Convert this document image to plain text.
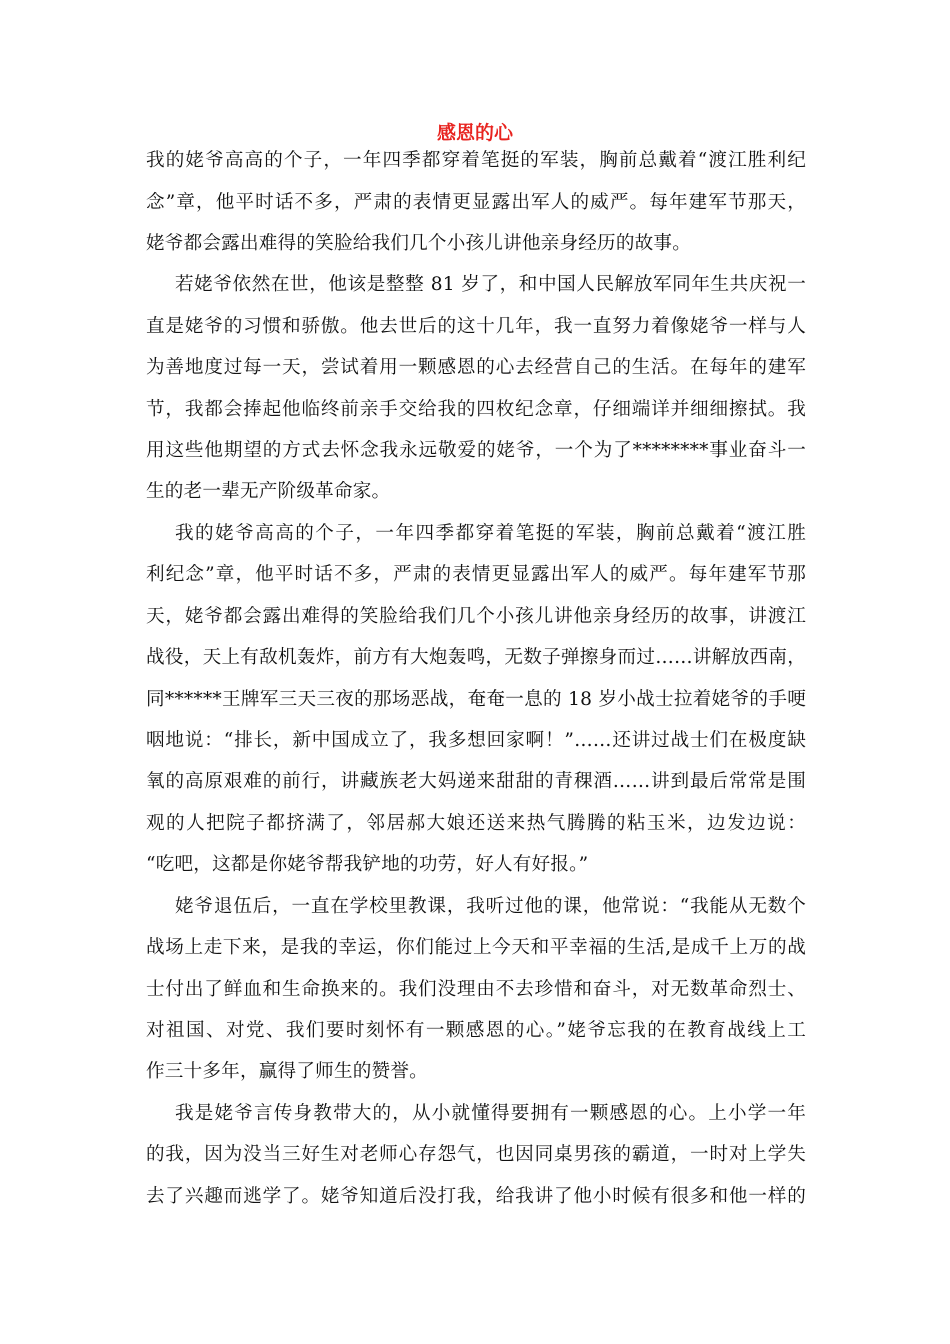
感恩的心
我的姥爷高高的个子，一年四季都穿着笔挺的军装，胸前总戴着“渡江胜利纪
念”章，他平时话不多，严肃的表情更显露出军人的威严。每年建军节那天，
姥爷都会露出难得的笑脸给我们几个小孩儿讲他亲身经历的故事。
若姥爷依然在世，他该是整整 81 岁了，和中国人民解放军同年生共庆祝一
直是姥爷的习惯和骄傲。他去世后的这十几年，我一直努力着像姥爷一样与人
为善地度过每一天，尝试着用一颗感恩的心去经营自己的生活。在每年的建军
节，我都会捧起他临终前亲手交给我的四枚纪念章，仔细端详并细细擦拭。我
用这些他期望的方式去怀念我永远敬爱的姥爷，一个为了********事业奋斗一
生的老一辈无产阶级革命家。
我的姥爷高高的个子，一年四季都穿着笔挺的军装，胸前总戴着“渡江胜
利纪念”章，他平时话不多，严肃的表情更显露出军人的威严。每年建军节那
天，姥爷都会露出难得的笑脸给我们几个小孩儿讲他亲身经历的故事，讲渡江
战役，天上有敌机轰炸，前方有大炮轰鸣，无数子弹擦身而过……讲解放西南，
同******王牌军三天三夜的那场恶战，奄奄一息的 18 岁小战士拉着姥爷的手哽
咽地说：“排长，新中国成立了，我多想回家啊！”……还讲过战士们在极度缺
氧的高原艰难的前行，讲藏族老大妈递来甜甜的青稞酒……讲到最后常常是围
观的人把院子都挤满了，邻居郝大娘还送来热气腾腾的粘玉米，边发边说：
“吃吧，这都是你姥爷帮我铲地的功劳，好人有好报。”
姥爷退伍后，一直在学校里教课，我听过他的课，他常说：“我能从无数个
战场上走下来，是我的幸运，你们能过上今天和平幸福的生活,是成千上万的战
士付出了鲜血和生命换来的。我们没理由不去珍惜和奋斗，对无数革命烈士、
对祖国、对党、我们要时刻怀有一颗感恩的心。”姥爷忘我的在教育战线上工
作三十多年，赢得了师生的赞誉。
我是姥爷言传身教带大的，从小就懂得要拥有一颗感恩的心。上小学一年
的我，因为没当三好生对老师心存怨气，也因同桌男孩的霸道，一时对上学失
去了兴趣而逃学了。姥爷知道后没打我，给我讲了他小时候有很多和他一样的
